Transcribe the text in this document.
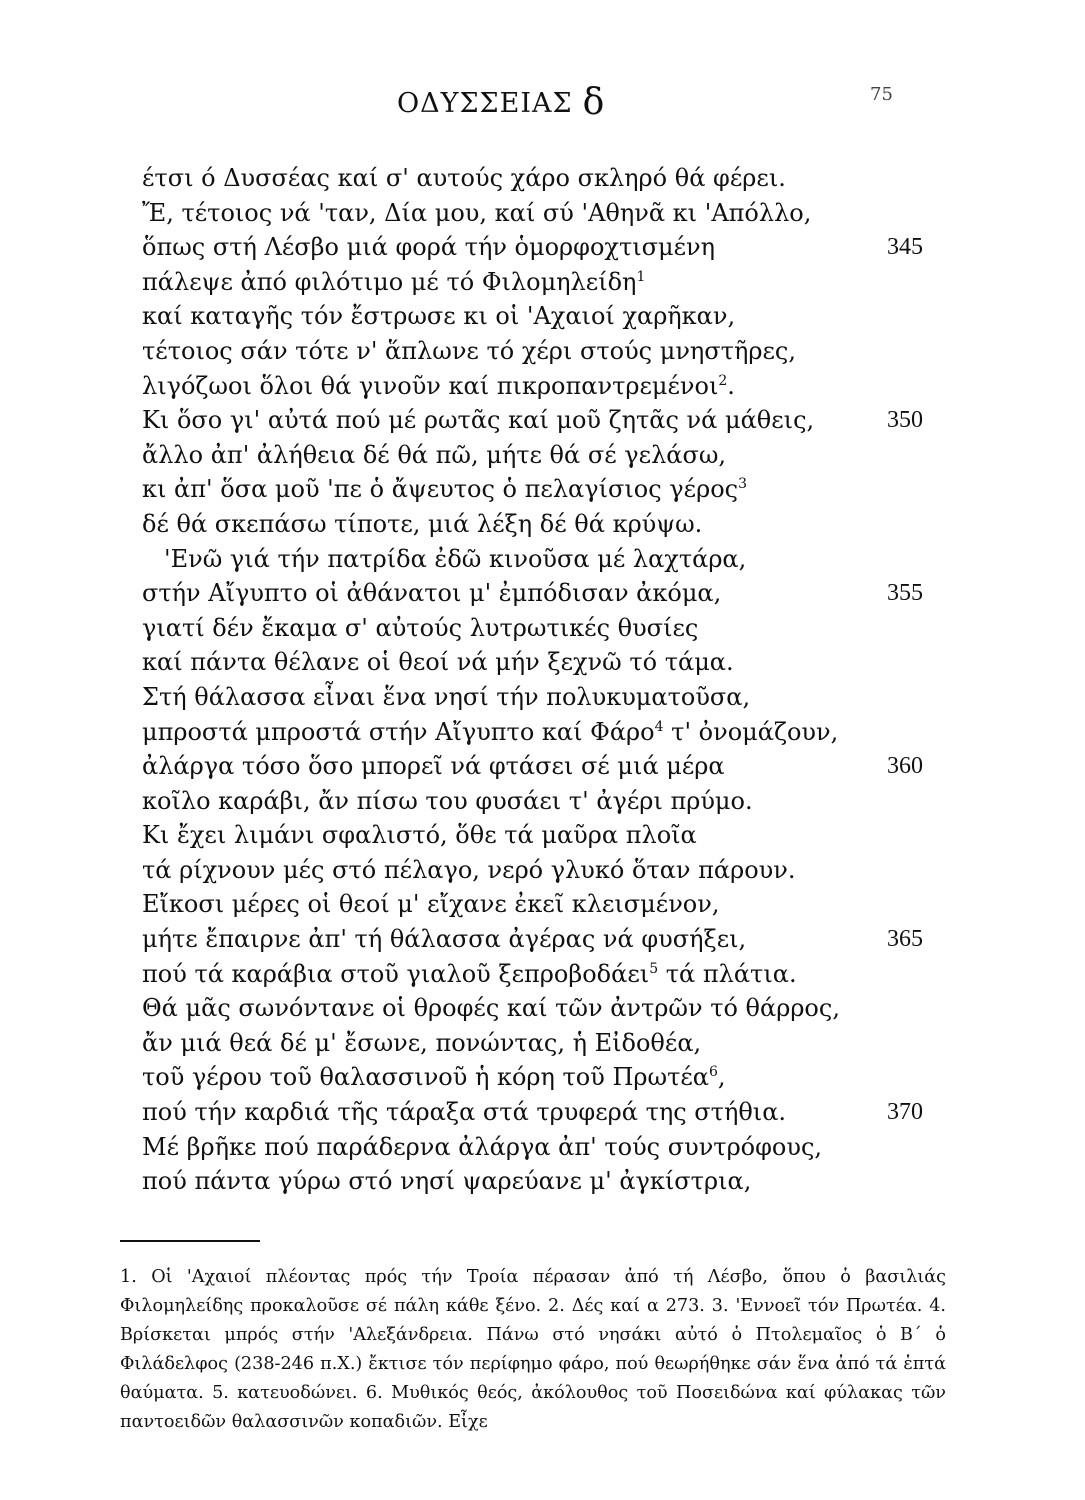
ΟΔΥΣΣΕΙΑΣ δ	75
έτσι ό Δυσσέας καί σ' αυτούς χάρο σκληρό θά φέρει.
Ἔ, τέτοιος νά 'ταν, Δία μου, καί σύ 'Αθηνᾶ κι 'Απόλλο,
ὅπως στή Λέσβο μιά φορά τήν ὁμορφοχτισμένη	345
πάλεψε ἀπό φιλότιμο μέ τό Φιλομηλείδη$^1$
καί καταγῆς τόν ἔστρωσε κι οἱ 'Αχαιοί χαρῆκαν,
τέτοιος σάν τότε ν' ἅπλωνε τό χέρι στούς μνηστῆρες,
λιγόζωοι ὅλοι θά γινοῦν καί πικροπαντρεμένοι$^2$.
Κι ὅσο γι' αὐτά πού μέ ρωτᾶς καί μοῦ ζητᾶς νά μάθεις,	350
ἄλλο ἀπ' ἀλήθεια δέ θά πῶ, μήτε θά σέ γελάσω,
κι ἀπ' ὅσα μοῦ 'πε ὁ ἄψευτος ὁ πελαγίσιος γέρος$^3$
δέ θά σκεπάσω τίποτε, μιά λέξη δέ θά κρύψω.
'Ενῶ γιά τήν πατρίδα ἐδῶ κινοῦσα μέ λαχτάρα,
στήν Αἴγυπτο οἱ ἀθάνατοι μ' ἐμπόδισαν ἀκόμα,	355
γιατί δέν ἔκαμα σ' αὐτούς λυτρωτικές θυσίες
καί πάντα θέλανε οἱ θεοί νά μήν ξεχνῶ τό τάμα.
Στή θάλασσα εἶναι ἕνα νησί τήν πολυκυματοῦσα,
μπροστά μπροστά στήν Αἴγυπτο καί Φάρο$^4$ τ' ὀνομάζουν,
ἀλάργα τόσο ὅσο μπορεῖ νά φτάσει σέ μιά μέρα	360
κοῖλο καράβι, ἄν πίσω του φυσάει τ' ἀγέρι πρύμο.
Κι ἔχει λιμάνι σφαλιστό, ὅθε τά μαῦρα πλοῖα
τά ρίχνουν μές στό πέλαγο, νερό γλυκό ὅταν πάρουν.
Εἴκοσι μέρες οἱ θεοί μ' εἴχανε ἐκεῖ κλεισμένον,
μήτε ἔπαιρνε ἀπ' τή θάλασσα ἀγέρας νά φυσήξει,	365
πού τά καράβια στοῦ γιαλοῦ ξεπροβοδάει$^5$ τά πλάτια.
Θά μᾶς σωνόντανε οἱ θροφές καί τῶν ἀντρῶν τό θάρρος,
ἄν μιά θεά δέ μ' ἔσωνε, πονώντας, ἡ Εἰδοθέα,
τοῦ γέρου τοῦ θαλασσινοῦ ἡ κόρη τοῦ Πρωτέα$^6$,
πού τήν καρδιά τῆς τάραξα στά τρυφερά της στήθια.	370
Μέ βρῆκε πού παράδερνα ἀλάργα ἀπ' τούς συντρόφους,
πού πάντα γύρω στό νησί ψαρεύανε μ' ἀγκίστρια,
1. Οἱ 'Αχαιοί πλέοντας πρός τήν Τροία πέρασαν ἀπό τή Λέσβο, ὅπου ὁ βασιλιάς Φιλομηλείδης προκαλοῦσε σέ πάλη κάθε ξένο. 2. Δές καί α 273. 3. 'Εννοεῖ τόν Πρωτέα. 4. Βρίσκεται μπρός στήν 'Αλεξάνδρεια. Πάνω στό νησάκι αὐτό ὁ Πτολεμαῖος ὁ Β΄ ὁ Φιλάδελφος (238-246 π.Χ.) ἔκτισε τόν περίφημο φάρο, πού θεωρήθηκε σάν ἕνα ἀπό τά ἑπτά θαύματα. 5. κατευοδώνει. 6. Μυθικός θεός, ἀκόλουθος τοῦ Ποσειδώνα καί φύλακας τῶν παντοειδῶν θαλασσινῶν κοπαδιῶν. Εἶχε
